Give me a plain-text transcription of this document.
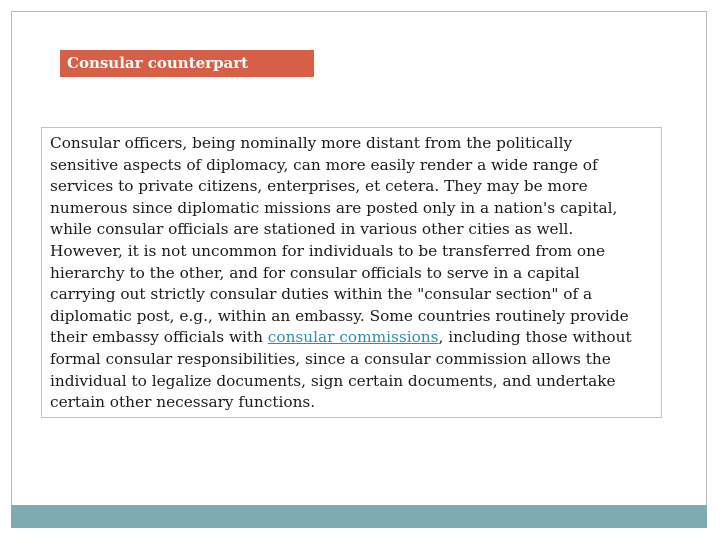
Consular counterpart

Consular officers, being nominally more distant from the politically
sensitive aspects of diplomacy, can more easily render a wide range of
services to private citizens, enterprises, et cetera. They may be more
numerous since diplomatic missions are posted only in a nation's capital,
while consular officials are stationed in various other cities as well.
However, it is not uncommon for individuals to be transferred from one
hierarchy to the other, and for consular officials to serve in a capital
carrying out strictly consular duties within the "consular section" of a
diplomatic post, e.g., within an embassy. Some countries routinely provide
their embassy officials with consular commissions, including those without
formal consular responsibilities, since a consular commission allows the
individual to legalize documents, sign certain documents, and undertake
certain other necessary functions.
